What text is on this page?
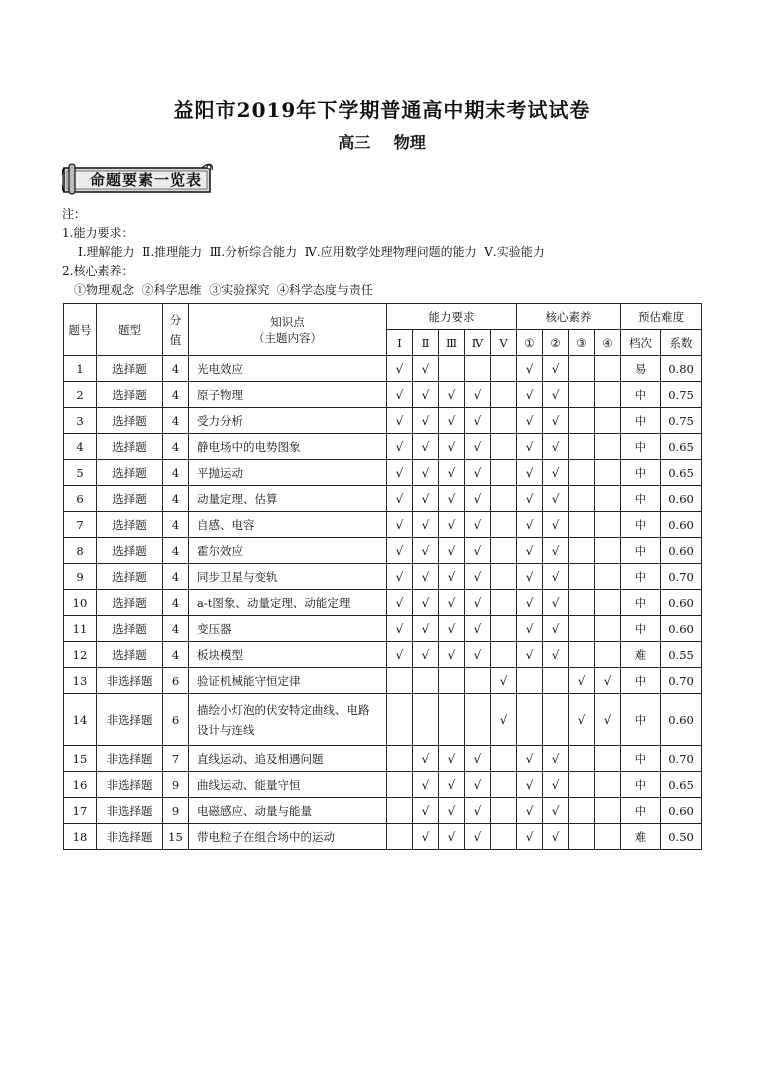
益阳市2019年下学期普通高中期末考试试卷
高三 物理
命题要素一览表
注：
1.能力要求：
Ⅰ.理解能力  Ⅱ.推理能力  Ⅲ.分析综合能力  Ⅳ.应用数学处理物理问题的能力  Ⅴ.实验能力
2.核心素养：
①物理观念  ②科学思维  ③实验探究  ④科学态度与责任
题号	题型	分值	知识点
（主题内容）	能力要求					核心素养				预估难度	
				Ⅰ	Ⅱ	Ⅲ	Ⅳ	Ⅴ	①	②	③	④	档次	系数
1	选择题	4	光电效应	√	√				√	√			易	0.80
2	选择题	4	原子物理	√	√	√	√		√	√			中	0.75
3	选择题	4	受力分析	√	√	√	√		√	√			中	0.75
4	选择题	4	静电场中的电势图象	√	√	√	√		√	√			中	0.65
5	选择题	4	平抛运动	√	√	√	√		√	√			中	0.65
6	选择题	4	动量定理、估算	√	√	√	√		√	√			中	0.60
7	选择题	4	自感、电容	√	√	√	√		√	√			中	0.60
8	选择题	4	霍尔效应	√	√	√	√		√	√			中	0.60
9	选择题	4	同步卫星与变轨	√	√	√	√		√	√			中	0.70
10	选择题	4	a-t图象、动量定理、动能定理	√	√	√	√		√	√			中	0.60
11	选择题	4	变压器	√	√	√	√		√	√			中	0.60
12	选择题	4	板块模型	√	√	√	√		√	√			难	0.55
13	非选择题	6	验证机械能守恒定律					√			√	√	中	0.70
14	非选择题	6	描绘小灯泡的伏安特定曲线、电路设计与连线					√			√	√	中	0.60
15	非选择题	7	直线运动、追及相遇问题		√	√	√		√	√			中	0.70
16	非选择题	9	曲线运动、能量守恒		√	√	√		√	√			中	0.65
17	非选择题	9	电磁感应、动量与能量		√	√	√		√	√			中	0.60
18	非选择题	15	带电粒子在组合场中的运动		√	√	√		√	√			难	0.50
